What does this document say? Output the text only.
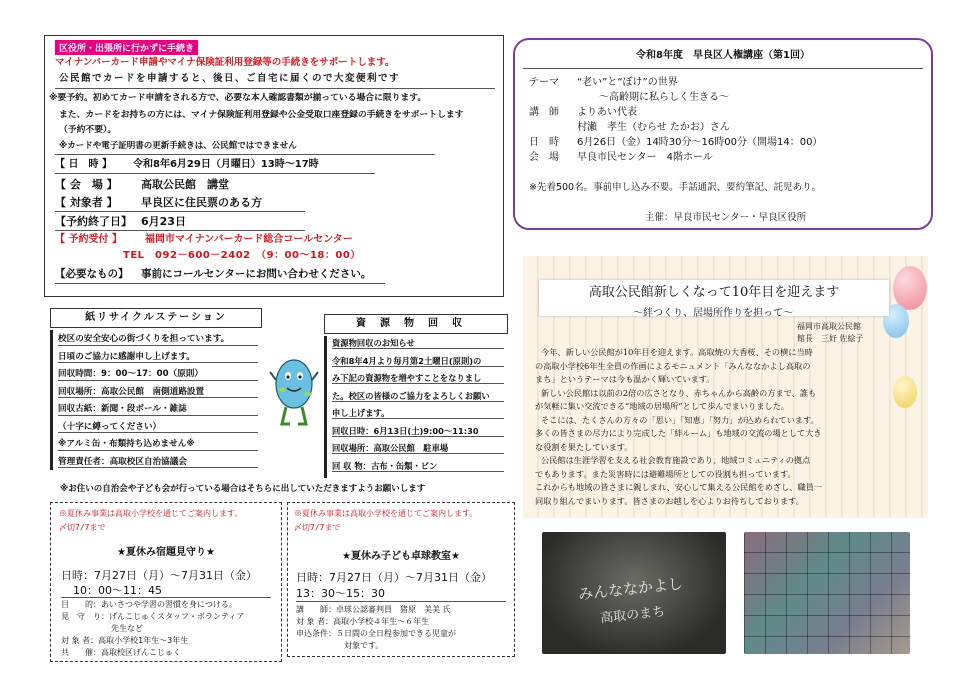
区役所・出張所に行かずに手続き
マイナンバーカード申請やマイナ保険証利用登録等の手続きをサポートします。
公民館でカードを申請すると、後日、ご自宅に届くので大変便利です
※要予約。初めてカード申請をされる方で、必要な本人確認書類が揃っている場合に限ります。
また、カードをお持ちの方には、マイナ保険証利用登録や公金受取口座登録の手続きをサポートします
（予約不要）。
※カードや電子証明書の更新手続きは、公民館ではできません
【 日　時 】 令和8年6月29日（月曜日）13時～17時
【 会　場 】 高取公民館　講堂
【 対象者 】 早良区に住民票のある方
【予約終了日】 6月23日
【 予約受付 】 福岡市マイナンバーカード総合コールセンター
TEL　092－600－2402　（9：00～18：00）
【必要なもの】 事前にコールセンターにお問い合わせください。
令和8年度　早良区人権講座（第1回）
テーマ “老い”と“ぼけ”の世界
～高齢期に私らしく生きる～
講　師 よりあい代表
村瀬　孝生（むらせ たかお）さん
日　時 6月26日（金）14時30分～16時00分（開場14：00）
会　場 早良市民センター　4階ホール
※先着500名。事前申し込み不要。手話通訳、要約筆記、託児あり。
主催：早良市民センター・早良区役所
紙リサイクルステーション
校区の安全安心の街づくりを担っています。
日頃のご協力に感謝申し上げます。
回収時間：9：00～17：00（原則）
回収場所：高取公民館　南側道路設置
回収古紙：新聞・段ボール・雑誌
（十字に縛ってください）
※アルミ缶・布類持ち込めません※
管理責任者：高取校区自治協議会
資源物回収
資源物回収のお知らせ
令和8年4月より毎月第2土曜日(原則)の
み下記の資源物を増やすことをなりまし
た。校区の皆様のご協力をよろしくお願い
申し上げます。
回収日時：6月13日(土)9:00～11:30
回収場所：高取公民館　駐車場
回 収 物：古布・缶類・ビン
※お住いの自治会や子ども会が行っている場合はそちらに出していただきますようお願いします
※夏休み事業は高取小学校を通じてご案内します。
〆切7/7まで
★夏休み宿題見守り★
日時：7月27日（月）～7月31日（金）
10：00～11：45
目　　的：あいさつや学習の習慣を身につける。
見　守　り：げんこじゅくスタッフ・ボランティア
先生など
対 象 者：高取小学校1年生～3年生
共　　催：高取校区げんこじゅく
※夏休み事業は高取小学校を通じてご案内します。
〆切7/7まで
★夏休み子ども卓球教室★
日時：7月27日（月）～7月31日（金）
13：30～15：30
講　　師：卓球公認審判員　猪原　美美 氏
対 象 者：高取小学校４年生～６年生
申込条件：５日間の全日程参加できる児童が
対象です。
高取公民館新しくなって10年目を迎えます
～絆つくり、居場所作りを担って～
福岡市高取公民館
館長　三好 佐絵子
今年、新しい公民館が10年目を迎えます。高取焼の大香桜、その横に当時
の高取小学校6年生全員の作画によるモニュメント「みんななかよし高取の
まち」というテーマは今も温かく輝いています。
新しい公民館は以前の2倍の広さとなり、赤ちゃんから高齢の方まで、誰も
が気軽に集い交流できる“地域の居場所”として歩んでまいりました。
そこには、たくさんの方々の「思い」「知恵」「努力」が込められています。
多くの皆さまの尽力により完成した「絆ルーム」も地域の交流の場として大き
な役割を果たしています。
公民館は生涯学習を支える社会教育施設であり、地域コミュニティの拠点
でもあります。また災害時には避難場所としての役割も担っています。
これからも地域の皆さまに親しまれ、安心して集える公民館をめざし、職員一
同取り組んでまいります。皆さまのお越しを心よりお待ちしております。
みんななかよし
高取のまち
